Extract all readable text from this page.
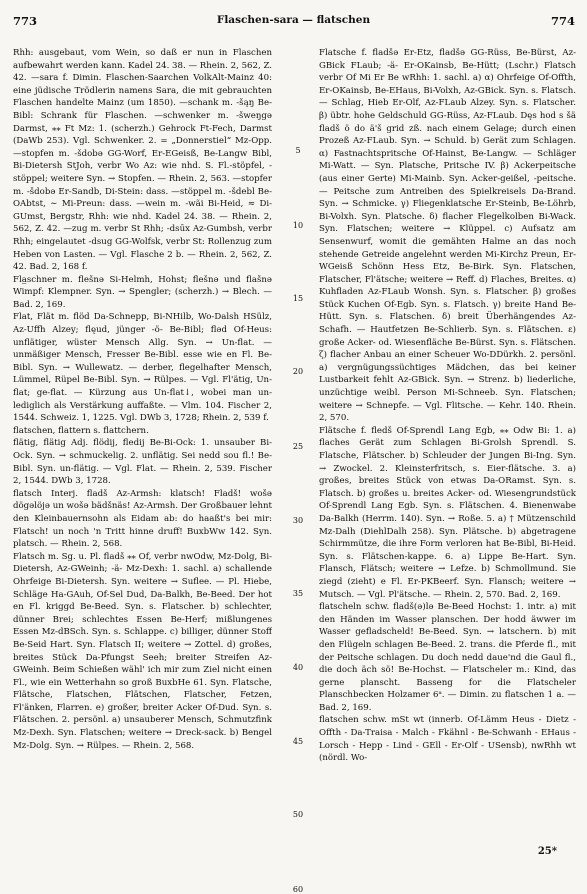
773	Flaschen-sara — flatschen	774

Rhh: ausgebaut, vom Wein, so daß er nun in Flaschen aufbewahrt werden kann. Kadel 24. 38. — Rhein. 2, 562, Z. 42. —sara f. Dimin. Flaschen-Saarchen VolkAlt-Mainz 40: eine jüdische Trödlerin namens Sara, die mit gebrauchten Flaschen handelte Mainz (um 1850). —schank m. -šąŋ Be-Bibl: Schrank für Flaschen. —schwenker m. -šweŋgə Darmst, ⁎⁎ Ft Mz: 1. (scherzh.) Gehrock Ft-Fech, Darmst (DaWb 253). Vgl. Schwenker. 2. = „Donnerstiel“ Mz-Opp. —stopfen m. -šdobə GG-Worf, Er-EGeisß, Be-Langw Bibl, Bi-Dietersh StJoh, verbr Wo Az: wie nhd. S. Fl.-stöpfel, -stöppel; weitere Syn. → Stopfen. — Rhein. 2, 563. —stopfer m. -šdobə Er-Sandb, Di-Stein: dass. —stöppel m. -šdebl Be-OAbtst, ∼ Mi-Preun: dass. —wein m. -wãi Bi-Heid, ≈ Di-GUmst, Bergstr, Rhh: wie nhd. Kadel 24. 38. — Rhein. 2, 562, Z. 42. —zug m. verbr St Rhh; -dsūx Az-Gumbsh, verbr Rhh; eingelautet -dsug GG-Wolfsk, verbr St: Rollenzug zum Heben von Lasten. — Vgl. Flasche 2 b. — Rhein. 2, 562, Z. 42. Bad. 2, 168 f.

Fla̲̲schner m. flešnə Si-Helmh, Hohst; flešnə und flašnə Wimpf: Klempner. Syn. → Spengler; (scherzh.) → Blech. — Bad. 2, 169.

Flat, Flät m. flöd Da-Schnepp, Bi-NHilb, Wo-Dalsh HSülz, Az-Uffh Alzey; flęud, jünger -ö- Be-Bibl; fləd Of-Heus: unflätiger, wüster Mensch Allg. Syn. → Un-flat. — unmäßiger Mensch, Fresser Be-Bibl. esse wie en Fl. Be-Bibl. Syn. → Wullewatz. — derber, flegelhafter Mensch, Lümmel, Rüpel Be-Bibl. Syn. → Rülpes. — Vgl. Fl'ätig, Un-flat; ge-flat. — Kürzung aus Un-flat↓, wobei man un- lediglich als Verstärkung auffaßte. — Vlm. 104. Fischer 2, 1544. Schweiz. 1, 1225. Vgl. DWb 3, 1728; Rhein. 2, 539 f.

flatschen, flattern s. flattchern.

flätig, flätig Adj. flödij, fledij Be-Bi-Ock: 1. unsauber Bi-Ock. Syn. → schmuckelig. 2. unflätig. Sei nedd sou fl.! Be-Bibl. Syn. un-flätig. — Vgl. Flat. — Rhein. 2, 539. Fischer 2, 1544. DWb 3, 1728.

flatsch Interj. fladš Az-Armsh: klatsch! Fladš! wošə dögəlöjə un wošə bädšnäs! Az-Armsh. Der Großbauer lehnt den Kleinbauernsohn als Eidam ab: do haaßt's bei mir: Flatsch! un noch 'n Tritt hinne druff! BuxbWw 142. Syn. platsch. — Rhein. 2, 568.

Flatsch m. Sg. u. Pl. fladš ⁎⁎ Of, verbr nwOdw, Mz-Dolg, Bi-Dietersh, Az-GWeinh; -ä- Mz-Dexh: 1. sachl. a) schallende Ohrfeige Bi-Dietersh. Syn. weitere → Suflee. — Pl. Hiebe, Schläge Ha-GAuh, Of-Sel Dud, Da-Balkh, Be-Beed. Der hot en Fl. kriggd Be-Beed. Syn. s. Flatscher. b) schlechter, dünner Brei; schlechtes Essen Be-Herf; mißlungenes Essen Mz-dBSch. Syn. s. Schlappe. c) billiger, dünner Stoff Be-Seid Hart. Syn. Flatsch II; weitere → Zottel. d) großes, breites Stück Da-Pfungst Seeh; breiter Streifen Az-GWeinh. Beim Schießen wähl' ich mir zum Ziel nicht einen Fl., wie ein Wetterhahn so groß BuxbHe 61. Syn. Flatsche, Flätsche, Flatschen, Flätschen, Flatscher, Fetzen, Fl'änken, Flarren. e) großer, breiter Acker Of-Dud. Syn. s. Flätschen. 2. persönl. a) unsauberer Mensch, Schmutzfink Mz-Dexh. Syn. Flatschen; weitere → Dreck-sack. b) Bengel Mz-Dolg. Syn. → Rülpes. — Rhein. 2, 568.

5
10
15
20
25
30
35
40
45
50
60

Flatsche f. fladšə Er-Etz, fladšə GG-Rüss, Be-Bürst, Az-GBick FLaub; -ä- Er-OKainsb, Be-Hütt; (Lschr.) Flatsch verbr Of Mi Er Be wRhh: 1. sachl. a) α) Ohrfeige Of-Offth, Er-OKainsb, Be-EHaus, Bi-Volxh, Az-GBick. Syn. s. Flatsch. — Schlag, Hieb Er-Olf, Az-FLaub Alzey. Syn. s. Flatscher. β) übtr. hohe Geldschuld GG-Rüss, Az-FLaub. Dęs hod s šä fladš ö do ä'š grid zß. nach einem Gelage; durch einen Prozeß Az-FLaub. Syn. → Schuld. b) Gerät zum Schlagen. α) Fastnachtspritsche Of-Hainst, Be-Langw. — Schläger Mi-Watt. — Syn. Platsche, Pritsche IV. β) Ackerpeitsche (aus einer Gerte) Mi-Mainb. Syn. Acker-geißel, -peitsche. — Peitsche zum Antreiben des Spielkreisels Da-Brand. Syn. → Schmicke. γ) Fliegenklatsche Er-Steinb, Be-Löhrb, Bi-Volxh. Syn. Platsche. δ) flacher Flegelkolben Bi-Wack. Syn. Flatschen; weitere → Klüppel. c) Aufsatz am Sensenwurf, womit die gemähten Halme an das noch stehende Getreide angelehnt werden Mi-Kirchz Preun, Er-WGeisß Schönn Hess Etz, Be-Birk. Syn. Flatschen, Flatscher, Fl'ätsche; weitere → Reff. d) Flaches, Breites. α) Kuhfladen Az-FLaub Wonsh. Syn. s. Flatscher. β) großes Stück Kuchen Of-Egb. Syn. s. Flatsch. γ) breite Hand Be-Hütt. Syn. s. Flatschen. δ) breit Überhängendes Az-Schafh. — Hautfetzen Be-Schlierb. Syn. s. Flätschen. ε) große Acker- od. Wiesenfläche Be-Bürst. Syn. s. Flätschen. ζ) flacher Anbau an einer Scheuer Wo-DDürkh. 2. persönl. a) vergnügungssüchtiges Mädchen, das bei keiner Lustbarkeit fehlt Az-GBick. Syn. → Strenz. b) liederliche, unzüchtige weibl. Person Mi-Schneeb. Syn. Flatschen; weitere → Schnepfe. — Vgl. Flitsche. — Kehr. 140. Rhein. 2, 570.

Flätsche f. fledš Of-Sprendl Lang Egb, ⁎⁎ Odw Bi: 1. a) flaches Gerät zum Schlagen Bi-Grolsh Sprendl. S. Flatsche, Flätscher. b) Schleuder der Jungen Bi-Ing. Syn. → Zwockel. 2. Kleinsterfritsch, s. Eier-flätsche. 3. a) großes, breites Stück von etwas Da-ORamst. Syn. s. Flatsch. b) großes u. breites Acker- od. Wiesengrundstück Of-Sprendl Lang Egb. Syn. s. Flätschen. 4. Bienenwabe Da-Balkh (Herrm. 140). Syn. → Roße. 5. a) † Mützenschild Mz-Dalh (DiehlDalh 258). Syn. Plätsche. b) abgetragene Schirmmütze, die ihre Form verloren hat Be-Bibl, Bi-Heid. Syn. s. Flätschen-kappe. 6. a) Lippe Be-Hart. Syn. Flansch, Flätsch; weitere → Lefze. b) Schmollmund. Sie ziegd (zieht) e Fl. Er-PKBeerf. Syn. Flansch; weitere → Mutsch. — Vgl. Pl'ätsche. — Rhein. 2, 570. Bad. 2, 169.

flatscheln schw. fladš(ə)lə Be-Beed Hochst: 1. intr. a) mit den Händen im Wasser planschen. Der hodd äwwer im Wasser gefladscheld! Be-Beed. Syn. → latschern. b) mit den Flügeln schlagen Be-Beed. 2. trans. die Pferde fl., mit der Peitsche schlagen. Du doch nedd daue'nd die Gaul fl., die doch äch sö! Be-Hochst. — Flatscheler m.: Kind, das gerne planscht. Basseng for die Flatscheler Planschbecken Holzamer 6ᵃ. — Dimin. zu flatschen 1 a. — Bad. 2, 169.

flatschen schw. mSt wt (innerb. Of-Lämm Heus - Dietz - Offth - Da-Traisa - Malch - Fkähnl - Be-Schwanh - EHaus - Lorsch - Hepp - Lind - GEll - Er-Olf - USensb), nwRhh wt (nördl. Wo-

25*
